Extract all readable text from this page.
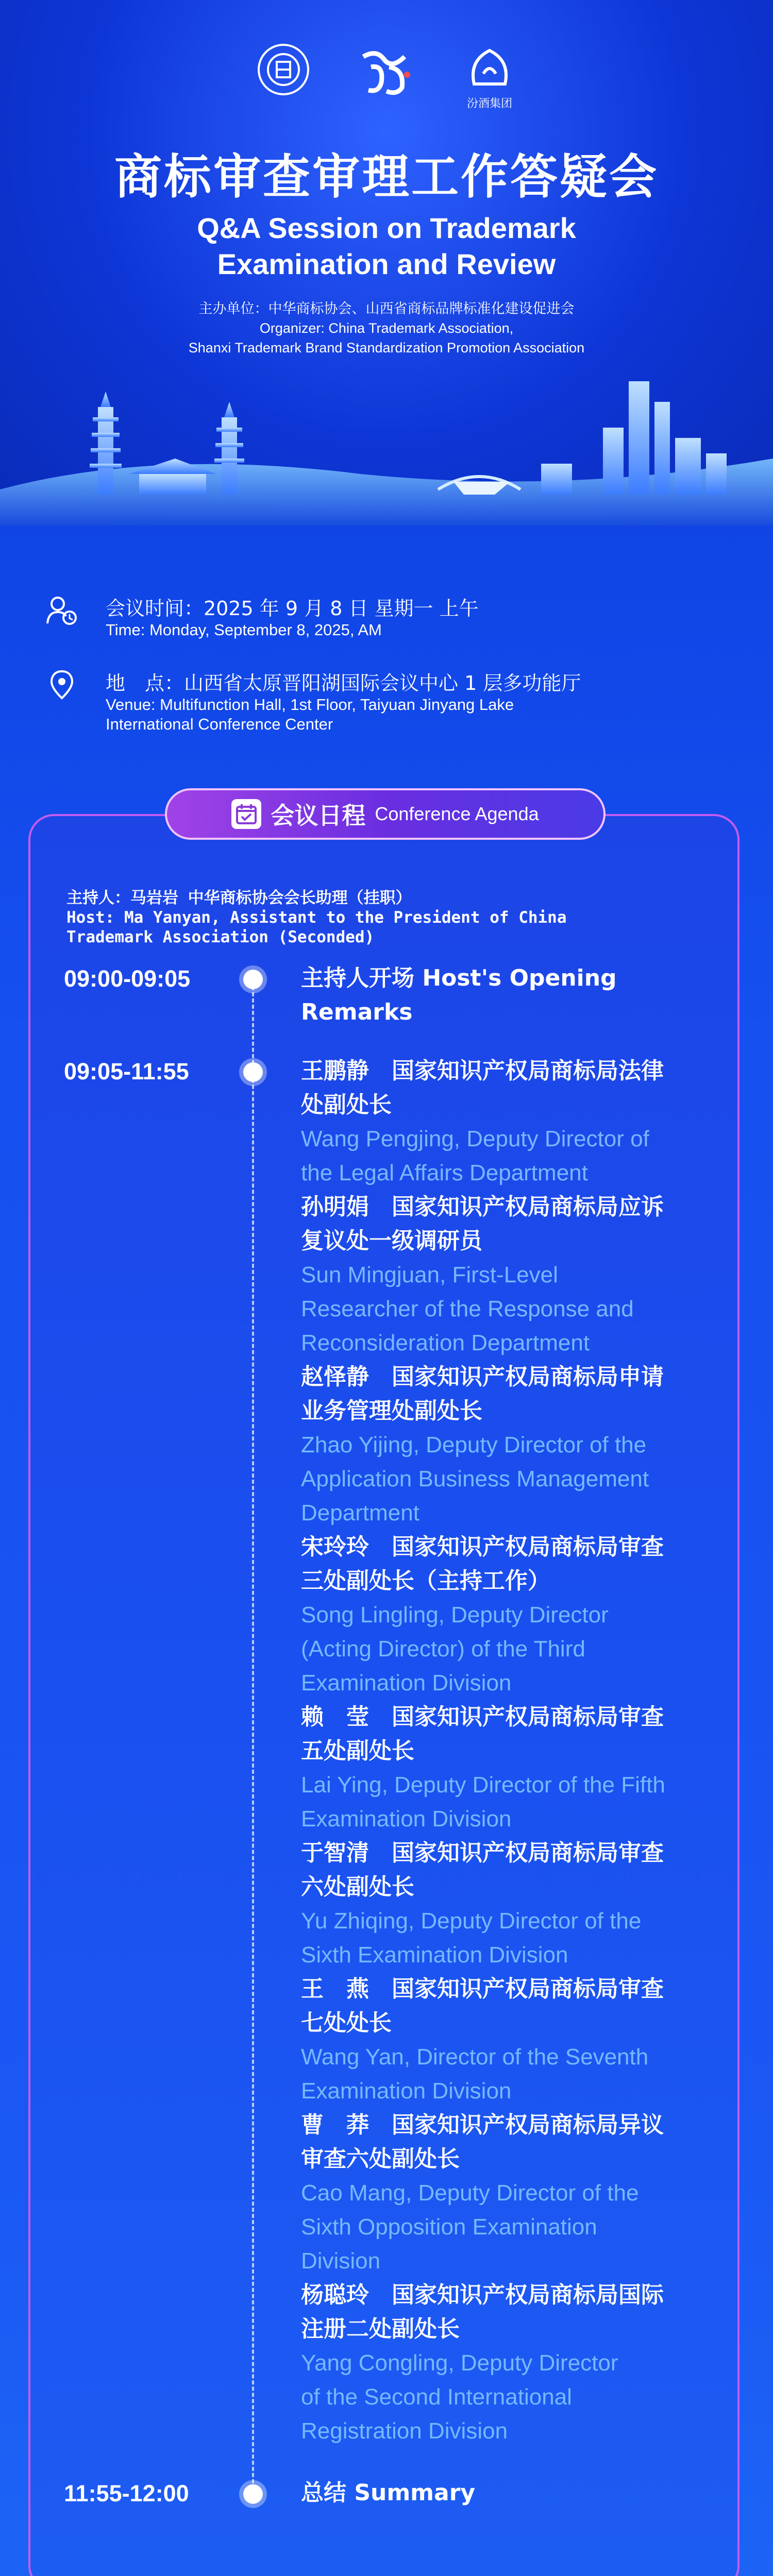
汾酒集团
商标审查审理工作答疑会
Q&A Session on Trademark
Examination and Review
主办单位：中华商标协会、山西省商标品牌标准化建设促进会
Organizer: China Trademark Association,
Shanxi Trademark Brand Standardization Promotion Association
会议时间：2025 年 9 月 8 日 星期一 上午
Time: Monday, September 8, 2025, AM
地　点：山西省太原晋阳湖国际会议中心 1 层多功能厅
Venue: Multifunction Hall, 1st Floor, Taiyuan Jinyang Lake
International Conference Center
主持人：马岩岩 中华商标协会会长助理（挂职）
Host: Ma Yanyan, Assistant to the President of China
Trademark Association (Seconded)
09:00-09:05	主持人开场 Host's Opening
Remarks
09:05-11:55	王鹏静　国家知识产权局商标局法律
处副处长
Wang Pengjing, Deputy Director of
the Legal Affairs Department
孙明娟　国家知识产权局商标局应诉
复议处一级调研员
Sun Mingjuan, First-Level
Researcher of the Response and
Reconsideration Department
赵怿静　国家知识产权局商标局申请
业务管理处副处长
Zhao Yijing, Deputy Director of the
Application Business Management
Department
宋玲玲　国家知识产权局商标局审查
三处副处长（主持工作）
Song Lingling, Deputy Director
(Acting Director) of the Third
Examination Division
赖　莹　国家知识产权局商标局审查
五处副处长
Lai Ying, Deputy Director of the Fifth
Examination Division
于智清　国家知识产权局商标局审查
六处副处长
Yu Zhiqing, Deputy Director of the
Sixth Examination Division
王　燕　国家知识产权局商标局审查
七处处长
Wang Yan, Director of the Seventh
Examination Division
曹　莽　国家知识产权局商标局异议
审查六处副处长
Cao Mang, Deputy Director of the
Sixth Opposition Examination
Division
杨聪玲　国家知识产权局商标局国际
注册二处副处长
Yang Congling, Deputy Director
of the Second International
Registration Division
11:55-12:00	总结 Summary
会议日程 Conference Agenda
